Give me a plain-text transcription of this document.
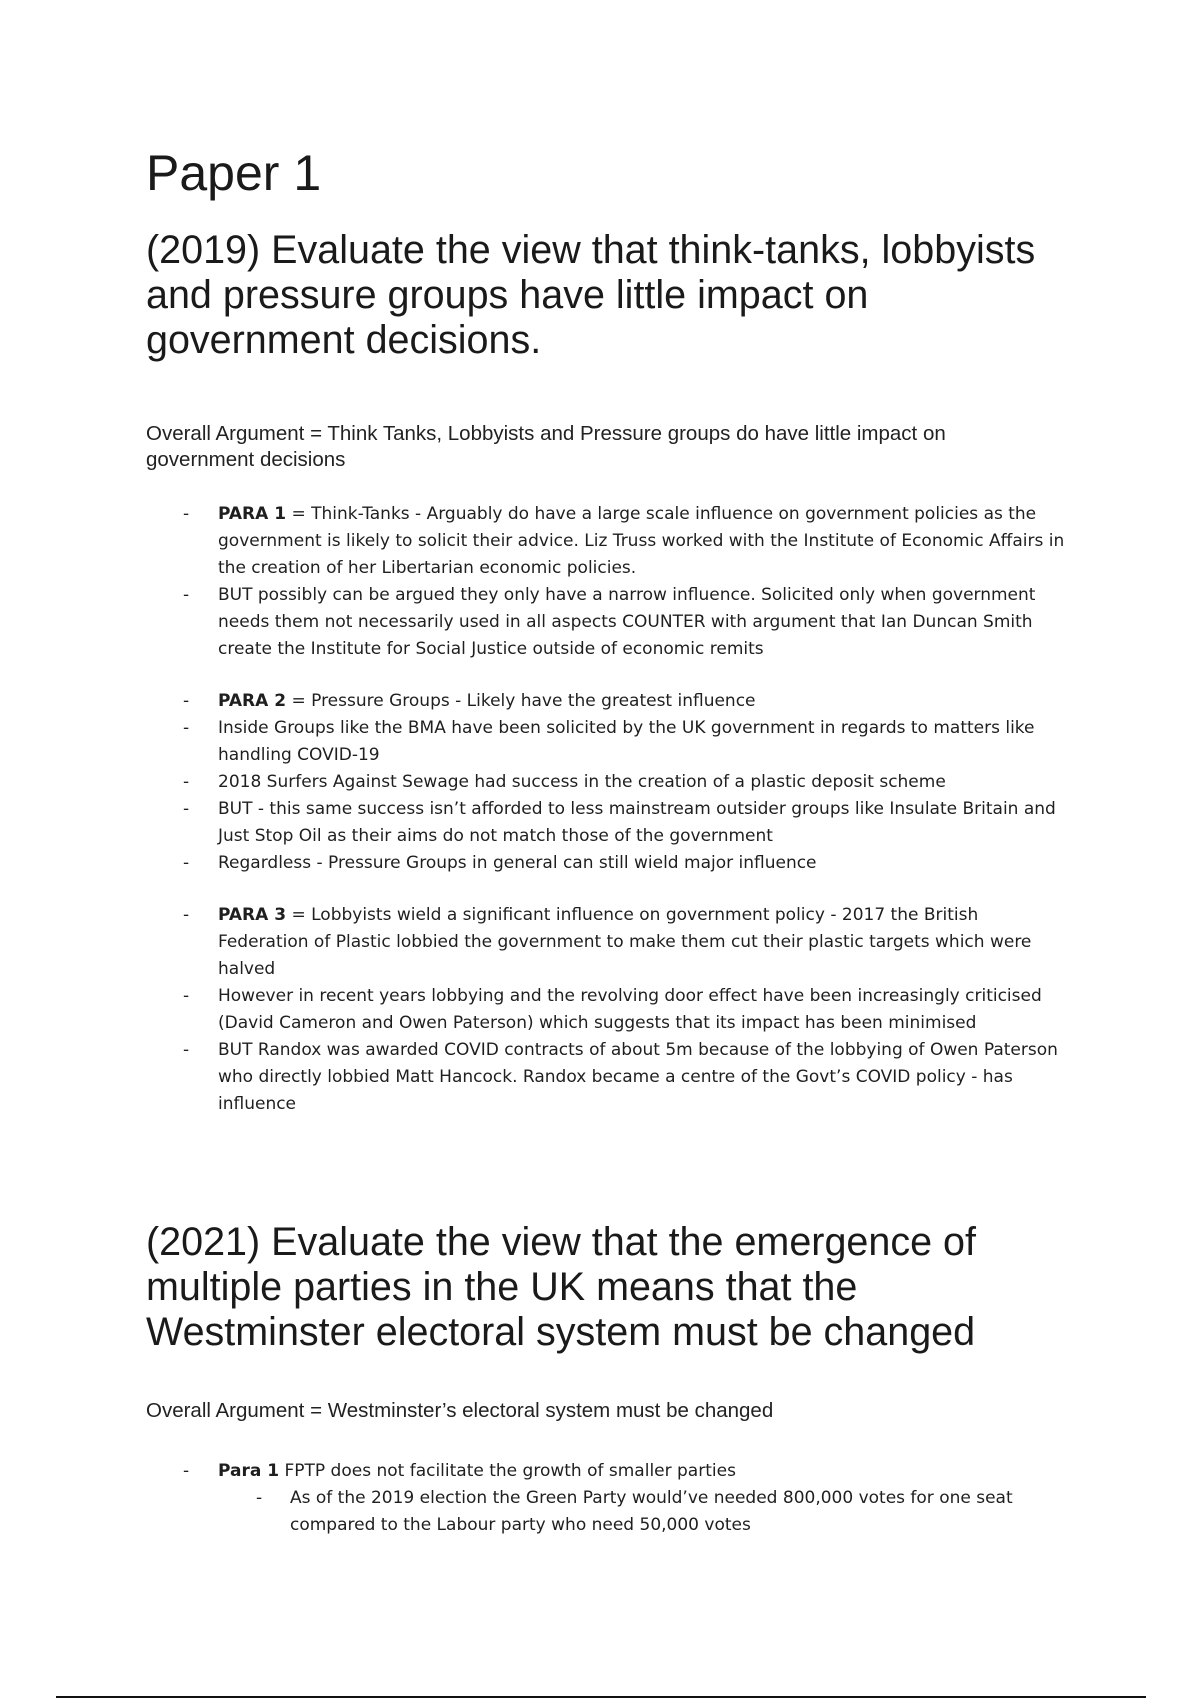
Paper 1
(2019) Evaluate the view that think-tanks, lobbyists and pressure groups have little impact on government decisions.

Overall Argument = Think Tanks, Lobbyists and Pressure groups do have little impact on government decisions

- PARA 1 = Think-Tanks - Arguably do have a large scale influence on government policies as the government is likely to solicit their advice. Liz Truss worked with the Institute of Economic Affairs in the creation of her Libertarian economic policies.
- BUT possibly can be argued they only have a narrow influence. Solicited only when government needs them not necessarily used in all aspects COUNTER with argument that Ian Duncan Smith create the Institute for Social Justice outside of economic remits
- PARA 2 = Pressure Groups - Likely have the greatest influence
- Inside Groups like the BMA have been solicited by the UK government in regards to matters like handling COVID-19
- 2018 Surfers Against Sewage had success in the creation of a plastic deposit scheme
- BUT - this same success isn’t afforded to less mainstream outsider groups like Insulate Britain and Just Stop Oil as their aims do not match those of the government
- Regardless - Pressure Groups in general can still wield major influence
- PARA 3 = Lobbyists wield a significant influence on government policy - 2017 the British Federation of Plastic lobbied the government to make them cut their plastic targets which were halved
- However in recent years lobbying and the revolving door effect have been increasingly criticised (David Cameron and Owen Paterson) which suggests that its impact has been minimised
- BUT Randox was awarded COVID contracts of about 5m because of the lobbying of Owen Paterson who directly lobbied Matt Hancock. Randox became a centre of the Govt’s COVID policy - has influence
(2021) Evaluate the view that the emergence of multiple parties in the UK means that the Westminster electoral system must be changed

Overall Argument = Westminster’s electoral system must be changed

- Para 1 FPTP does not facilitate the growth of smaller parties
- As of the 2019 election the Green Party would’ve needed 800,000 votes for one seat compared to the Labour party who need 50,000 votes
